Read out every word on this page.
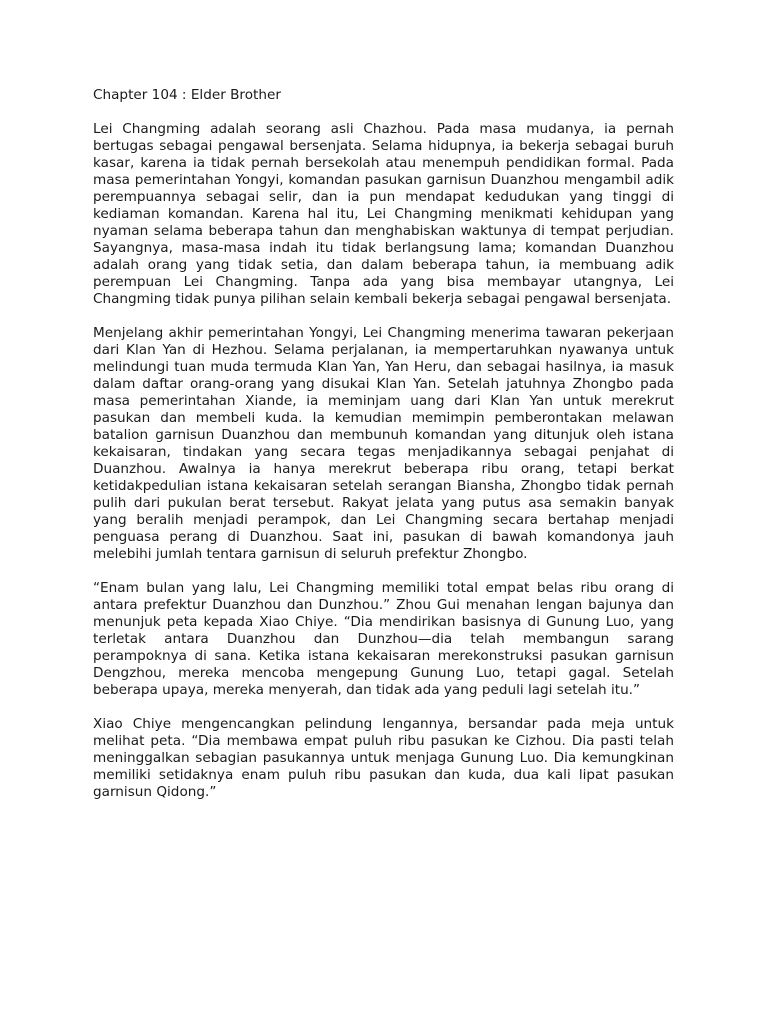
Chapter 104 : Elder Brother

Lei Changming adalah seorang asli Chazhou. Pada masa mudanya, ia pernah bertugas sebagai pengawal bersenjata. Selama hidupnya, ia bekerja sebagai buruh kasar, karena ia tidak pernah bersekolah atau menempuh pendidikan formal. Pada masa pemerintahan Yongyi, komandan pasukan garnisun Duanzhou mengambil adik perempuannya sebagai selir, dan ia pun mendapat kedudukan yang tinggi di kediaman komandan. Karena hal itu, Lei Changming menikmati kehidupan yang nyaman selama beberapa tahun dan menghabiskan waktunya di tempat perjudian. Sayangnya, masa-masa indah itu tidak berlangsung lama; komandan Duanzhou adalah orang yang tidak setia, dan dalam beberapa tahun, ia membuang adik perempuan Lei Changming. Tanpa ada yang bisa membayar utangnya, Lei Changming tidak punya pilihan selain kembali bekerja sebagai pengawal bersenjata.

Menjelang akhir pemerintahan Yongyi, Lei Changming menerima tawaran pekerjaan dari Klan Yan di Hezhou. Selama perjalanan, ia mempertaruhkan nyawanya untuk melindungi tuan muda termuda Klan Yan, Yan Heru, dan sebagai hasilnya, ia masuk dalam daftar orang-orang yang disukai Klan Yan. Setelah jatuhnya Zhongbo pada masa pemerintahan Xiande, ia meminjam uang dari Klan Yan untuk merekrut pasukan dan membeli kuda. Ia kemudian memimpin pemberontakan melawan batalion garnisun Duanzhou dan membunuh komandan yang ditunjuk oleh istana kekaisaran, tindakan yang secara tegas menjadikannya sebagai penjahat di Duanzhou. Awalnya ia hanya merekrut beberapa ribu orang, tetapi berkat ketidakpedulian istana kekaisaran setelah serangan Biansha, Zhongbo tidak pernah pulih dari pukulan berat tersebut. Rakyat jelata yang putus asa semakin banyak yang beralih menjadi perampok, dan Lei Changming secara bertahap menjadi penguasa perang di Duanzhou. Saat ini, pasukan di bawah komandonya jauh melebihi jumlah tentara garnisun di seluruh prefektur Zhongbo.

“Enam bulan yang lalu, Lei Changming memiliki total empat belas ribu orang di antara prefektur Duanzhou dan Dunzhou.” Zhou Gui menahan lengan bajunya dan menunjuk peta kepada Xiao Chiye. “Dia mendirikan basisnya di Gunung Luo, yang terletak antara Duanzhou dan Dunzhou—dia telah membangun sarang perampoknya di sana. Ketika istana kekaisaran merekonstruksi pasukan garnisun Dengzhou, mereka mencoba mengepung Gunung Luo, tetapi gagal. Setelah beberapa upaya, mereka menyerah, dan tidak ada yang peduli lagi setelah itu.”

Xiao Chiye mengencangkan pelindung lengannya, bersandar pada meja untuk melihat peta. “Dia membawa empat puluh ribu pasukan ke Cizhou. Dia pasti telah meninggalkan sebagian pasukannya untuk menjaga Gunung Luo. Dia kemungkinan memiliki setidaknya enam puluh ribu pasukan dan kuda, dua kali lipat pasukan garnisun Qidong.”
